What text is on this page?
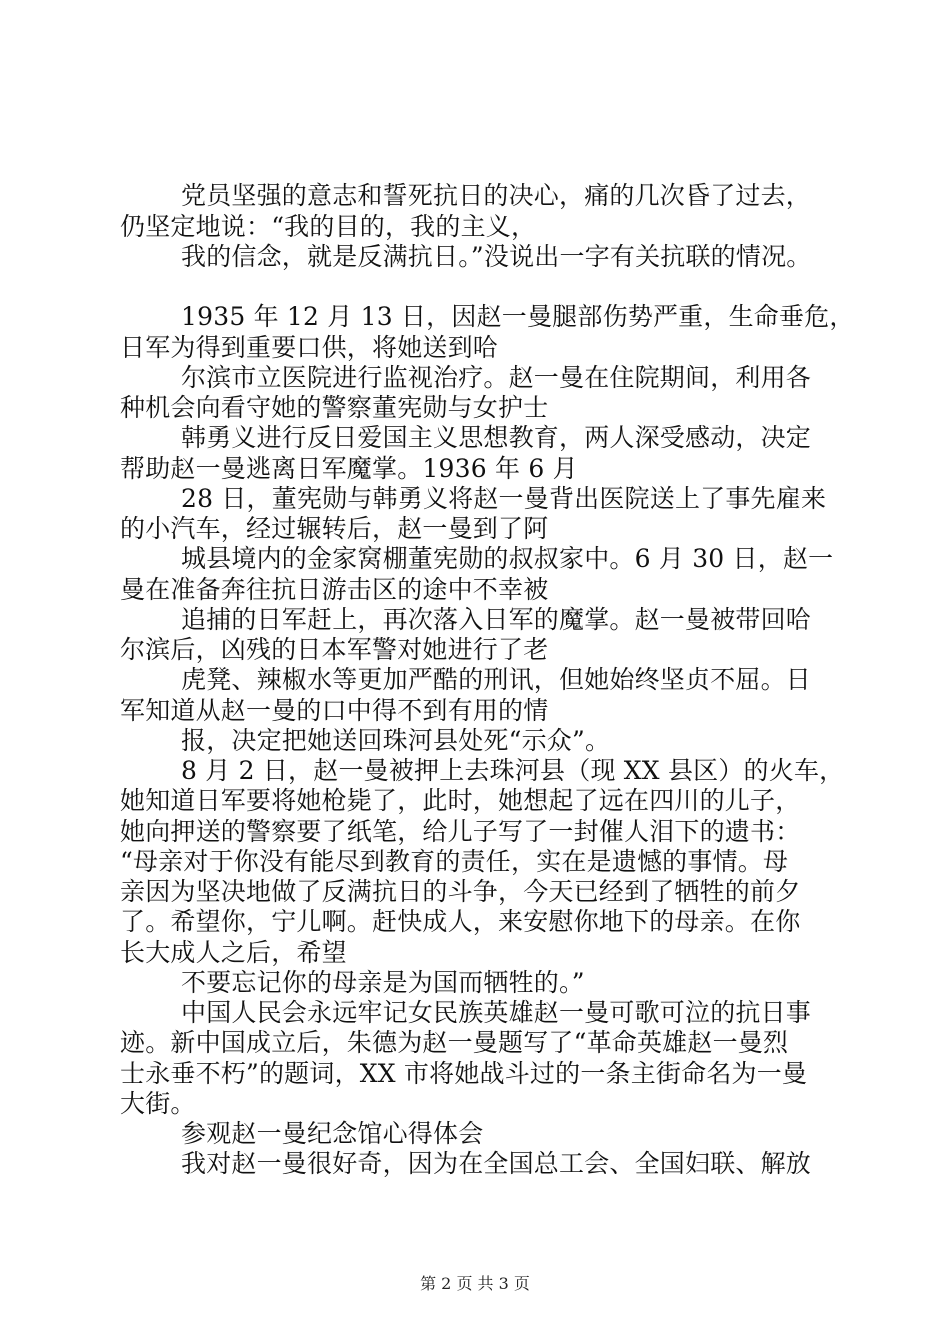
党员坚强的意志和誓死抗日的决心，痛的几次昏了过去，
仍坚定地说：“我的目的，我的主义，
我的信念，就是反满抗日。”没说出一字有关抗联的情况。
1935 年 12 月 13 日，因赵一曼腿部伤势严重，生命垂危，
日军为得到重要口供，将她送到哈
尔滨市立医院进行监视治疗。赵一曼在住院期间，利用各
种机会向看守她的警察董宪勋与女护士
韩勇义进行反日爱国主义思想教育，两人深受感动，决定
帮助赵一曼逃离日军魔掌。1936 年 6 月
28 日，董宪勋与韩勇义将赵一曼背出医院送上了事先雇来
的小汽车，经过辗转后，赵一曼到了阿
城县境内的金家窝棚董宪勋的叔叔家中。6 月 30 日，赵一
曼在准备奔往抗日游击区的途中不幸被
追捕的日军赶上，再次落入日军的魔掌。赵一曼被带回哈
尔滨后，凶残的日本军警对她进行了老
虎凳、辣椒水等更加严酷的刑讯，但她始终坚贞不屈。日
军知道从赵一曼的口中得不到有用的情
报，决定把她送回珠河县处死“示众”。
8 月 2 日，赵一曼被押上去珠河县（现 XX 县区）的火车，
她知道日军要将她枪毙了，此时，她想起了远在四川的儿子，
她向押送的警察要了纸笔，给儿子写了一封催人泪下的遗书：
“母亲对于你没有能尽到教育的责任，实在是遗憾的事情。母
亲因为坚决地做了反满抗日的斗争，今天已经到了牺牲的前夕
了。希望你，宁儿啊。赶快成人，来安慰你地下的母亲。在你
长大成人之后，希望
不要忘记你的母亲是为国而牺牲的。”
中国人民会永远牢记女民族英雄赵一曼可歌可泣的抗日事
迹。新中国成立后，朱德为赵一曼题写了“革命英雄赵一曼烈
士永垂不朽”的题词，XX 市将她战斗过的一条主街命名为一曼
大街。
参观赵一曼纪念馆心得体会
我对赵一曼很好奇，因为在全国总工会、全国妇联、解放
第 2 页 共 3 页
